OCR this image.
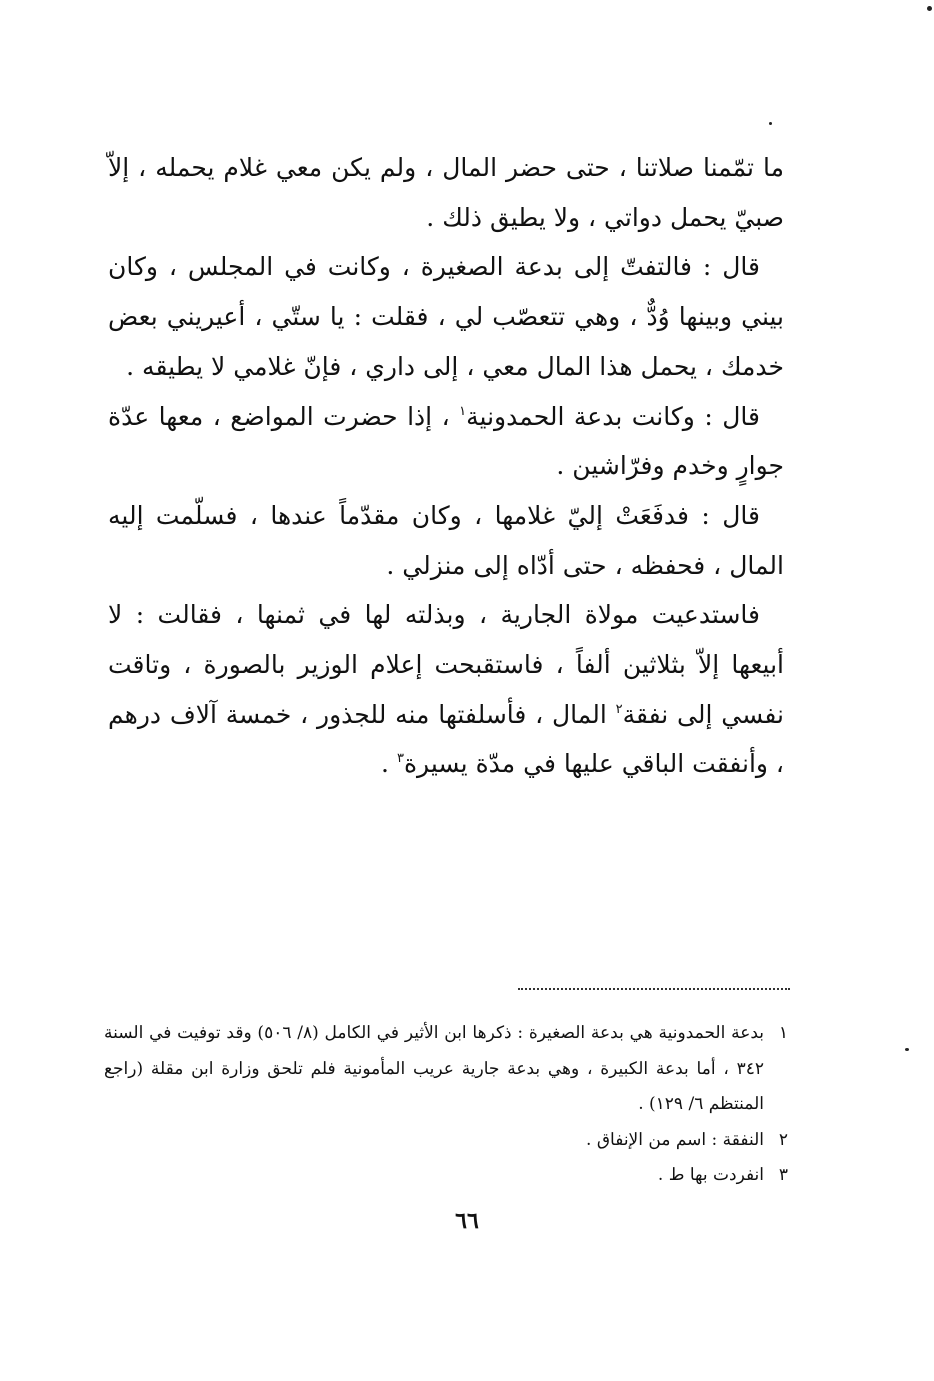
ما تمّمنا صلاتنا ، حتى حضر المال ، ولم يكن معي غلام يحمله ، إلاّ صبيّ يحمل دواتي ، ولا يطيق ذلك .

قال : فالتفتّ إلى بدعة الصغيرة ، وكانت في المجلس ، وكان بيني وبينها وُدٌّ ، وهي تتعصّب لي ، فقلت : يا ستّي ، أعيريني بعض خدمك ، يحمل هذا المال معي ، إلى داري ، فإنّ غلامي لا يطيقه .

قال : وكانت بدعة الحمدونية$^١$ ، إذا حضرت المواضع ، معها عدّة جوارٍ وخدم وفرّاشين .

قال : فدفَعَتْ إليّ غلامها ، وكان مقدّماً عندها ، فسلّمت إليه المال ، فحفظه ، حتى أدّاه إلى منزلي .

فاستدعيت مولاة الجارية ، وبذلته لها في ثمنها ، فقالت : لا أبيعها إلاّ بثلاثين ألفاً ، فاستقبحت إعلام الوزير بالصورة ، وتاقت نفسي إلى نفقة$^٢$ المال ، فأسلفتها منه للجذور ، خمسة آلاف درهم ، وأنفقت الباقي عليها في مدّة يسيرة$^٣$ .

١
بدعة الحمدونية هي بدعة الصغيرة : ذكرها ابن الأثير في الكامل (٨/ ٥٠٦) وقد توفيت في السنة ٣٤٢ ، أما بدعة الكبيرة ، وهي بدعة جارية عريب المأمونية فلم تلحق وزارة ابن مقلة (راجع المنتظم ٦/ ١٢٩) .

٢
النفقة : اسم من الإنفاق .

٣
انفردت بها ط .

٦٦
